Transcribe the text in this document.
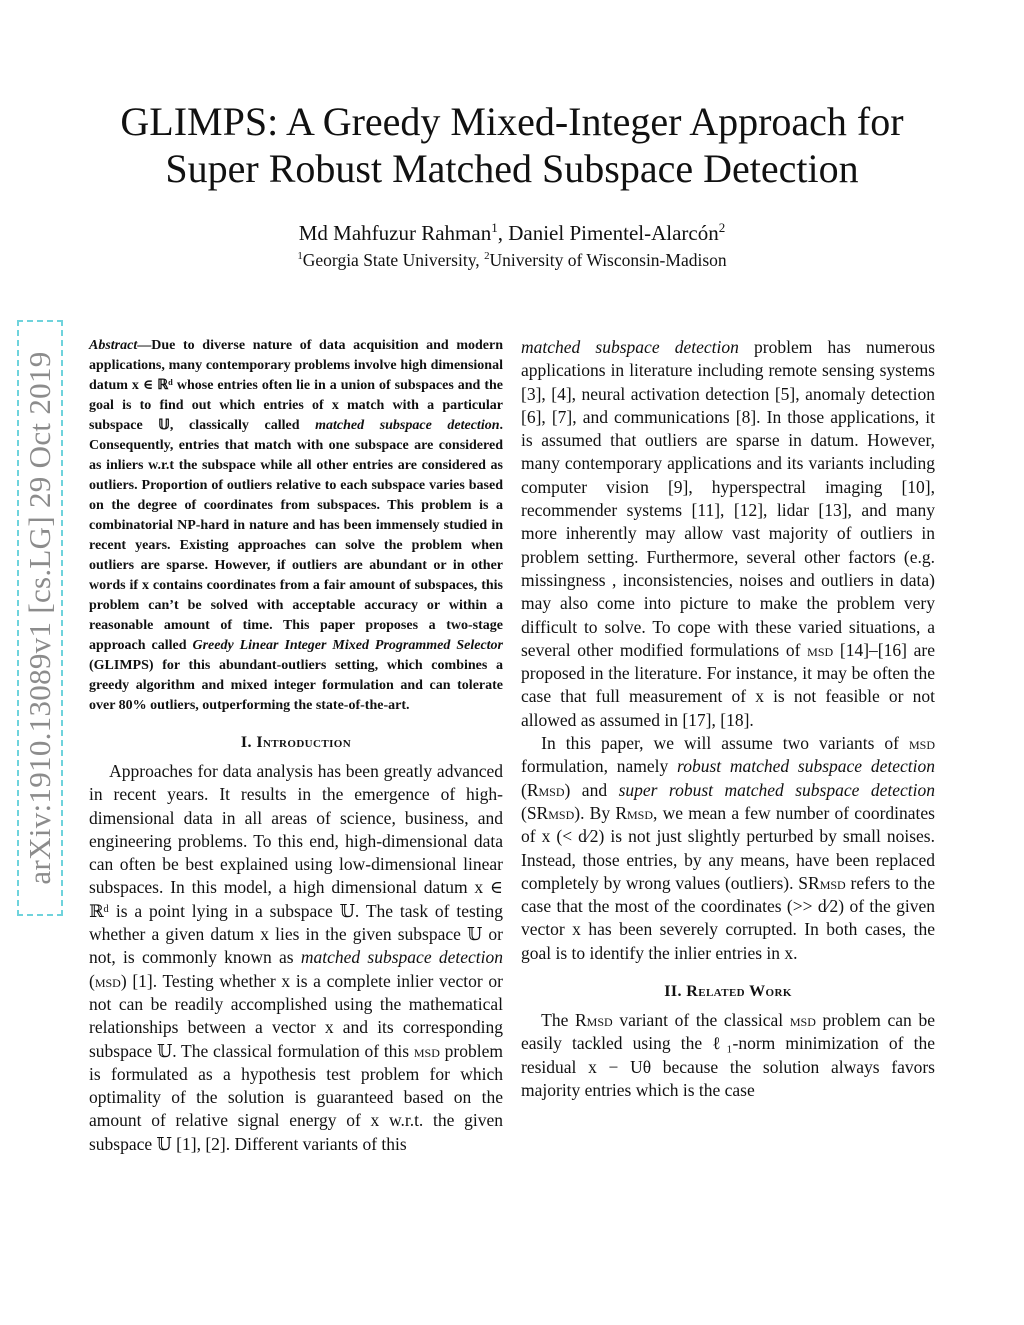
GLIMPS: A Greedy Mixed-Integer Approach for
Super Robust Matched Subspace Detection
Md Mahfuzur Rahman$^1$, Daniel Pimentel-Alarcón$^2$
$^1$Georgia State University, $^2$University of Wisconsin-Madison
arXiv:1910.13089v1 [cs.LG] 29 Oct 2019

Abstract—Due to diverse nature of data acquisition and modern applications, many contemporary problems involve high dimensional datum x ∈ ℝᵈ whose entries often lie in a union of subspaces and the goal is to find out which entries of x match with a particular subspace 𝕌, classically called matched subspace detection. Consequently, entries that match with one subspace are considered as inliers w.r.t the subspace while all other entries are considered as outliers. Proportion of outliers relative to each subspace varies based on the degree of coordinates from subspaces. This problem is a combinatorial NP-hard in nature and has been immensely studied in recent years. Existing approaches can solve the problem when outliers are sparse. However, if outliers are abundant or in other words if x contains coordinates from a fair amount of subspaces, this problem can’t be solved with acceptable accuracy or within a reasonable amount of time. This paper proposes a two-stage approach called Greedy Linear Integer Mixed Programmed Selector (GLIMPS) for this abundant-outliers setting, which combines a greedy algorithm and mixed integer formulation and can tolerate over 80% outliers, outperforming the state-of-the-art.

I. Introduction

Approaches for data analysis has been greatly advanced in recent years. It results in the emergence of high-dimensional data in all areas of science, business, and engineering problems. To this end, high-dimensional data can often be best explained using low-dimensional linear subspaces. In this model, a high dimensional datum x ∈ ℝᵈ is a point lying in a subspace 𝕌. The task of testing whether a given datum x lies in the given subspace 𝕌 or not, is commonly known as matched subspace detection (msd) [1]. Testing whether x is a complete inlier vector or not can be readily accomplished using the mathematical relationships between a vector x and its corresponding subspace 𝕌. The classical formulation of this msd problem is formulated as a hypothesis test problem for which optimality of the solution is guaranteed based on the amount of relative signal energy of x w.r.t. the given subspace 𝕌 [1], [2]. Different variants of this

matched subspace detection problem has numerous applications in literature including remote sensing systems [3], [4], neural activation detection [5], anomaly detection [6], [7], and communications [8]. In those applications, it is assumed that outliers are sparse in datum. However, many contemporary applications and its variants including computer vision [9], hyperspectral imaging [10], recommender systems [11], [12], lidar [13], and many more inherently may allow vast majority of outliers in problem setting. Furthermore, several other factors (e.g. missingness , inconsistencies, noises and outliers in data) may also come into picture to make the problem very difficult to solve. To cope with these varied situations, a several other modified formulations of msd [14]–[16] are proposed in the literature. For instance, it may be often the case that full measurement of x is not feasible or not allowed as assumed in [17], [18].

In this paper, we will assume two variants of msd formulation, namely robust matched subspace detection (Rmsd) and super robust matched subspace detection (SRmsd). By Rmsd, we mean a few number of coordinates of x (< d⁄2) is not just slightly perturbed by small noises. Instead, those entries, by any means, have been replaced completely by wrong values (outliers). SRmsd refers to the case that the most of the coordinates (>> d⁄2) of the given vector x has been severely corrupted. In both cases, the goal is to identify the inlier entries in x.

II. Related Work

The Rmsd variant of the classical msd problem can be easily tackled using the ℓ₁-norm minimization of the residual x − Uθ because the solution always favors majority entries which is the case
